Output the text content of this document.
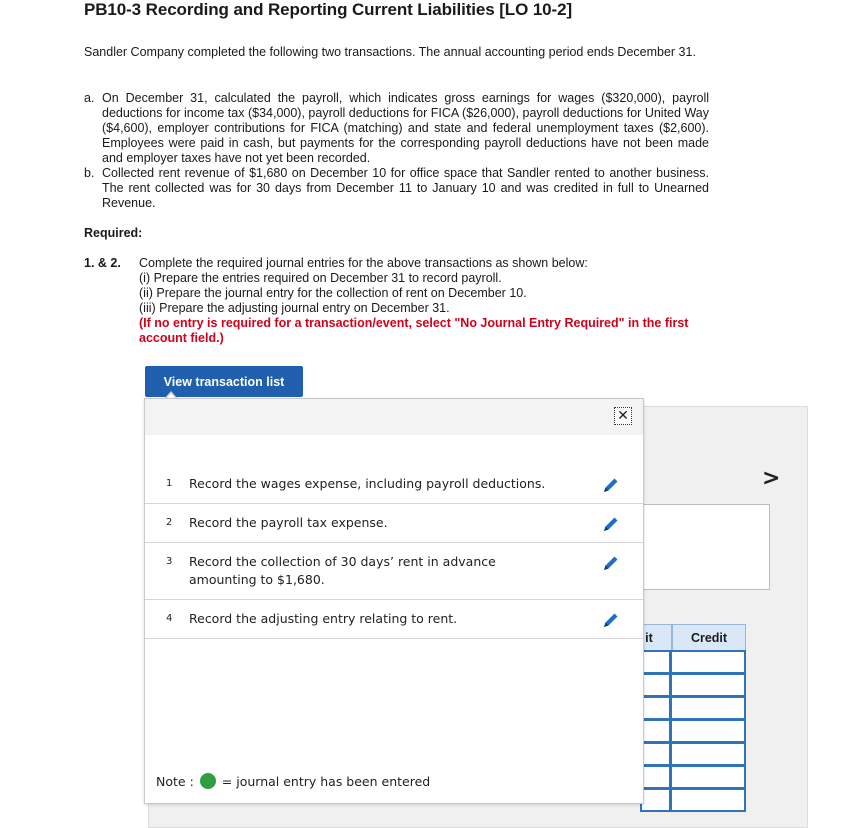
PB10-3 Recording and Reporting Current Liabilities [LO 10-2]
Sandler Company completed the following two transactions. The annual accounting period ends December 31.
a. On December 31, calculated the payroll, which indicates gross earnings for wages ($320,000), payroll deductions for income tax ($34,000), payroll deductions for FICA ($26,000), payroll deductions for United Way ($4,600), employer contributions for FICA (matching) and state and federal unemployment taxes ($2,600). Employees were paid in cash, but payments for the corresponding payroll deductions have not been made and employer taxes have not yet been recorded.
b. Collected rent revenue of $1,680 on December 10 for office space that Sandler rented to another business. The rent collected was for 30 days from December 11 to January 10 and was credited in full to Unearned Revenue.
Required:
1. & 2.	Complete the required journal entries for the above transactions as shown below:
(i) Prepare the entries required on December 31 to record payroll.
(ii) Prepare the journal entry for the collection of rent on December 10.
(iii) Prepare the adjusting journal entry on December 31.
(If no entry is required for a transaction/event, select "No Journal Entry Required" in the first account field.)
View transaction list
>
it	Credit
✕
1 Record the wages expense, including payroll deductions.
2 Record the payroll tax expense.
3 Record the collection of 30 days’ rent in advance amounting to $1,680.
4 Record the adjusting entry relating to rent.
Note : = journal entry has been entered
